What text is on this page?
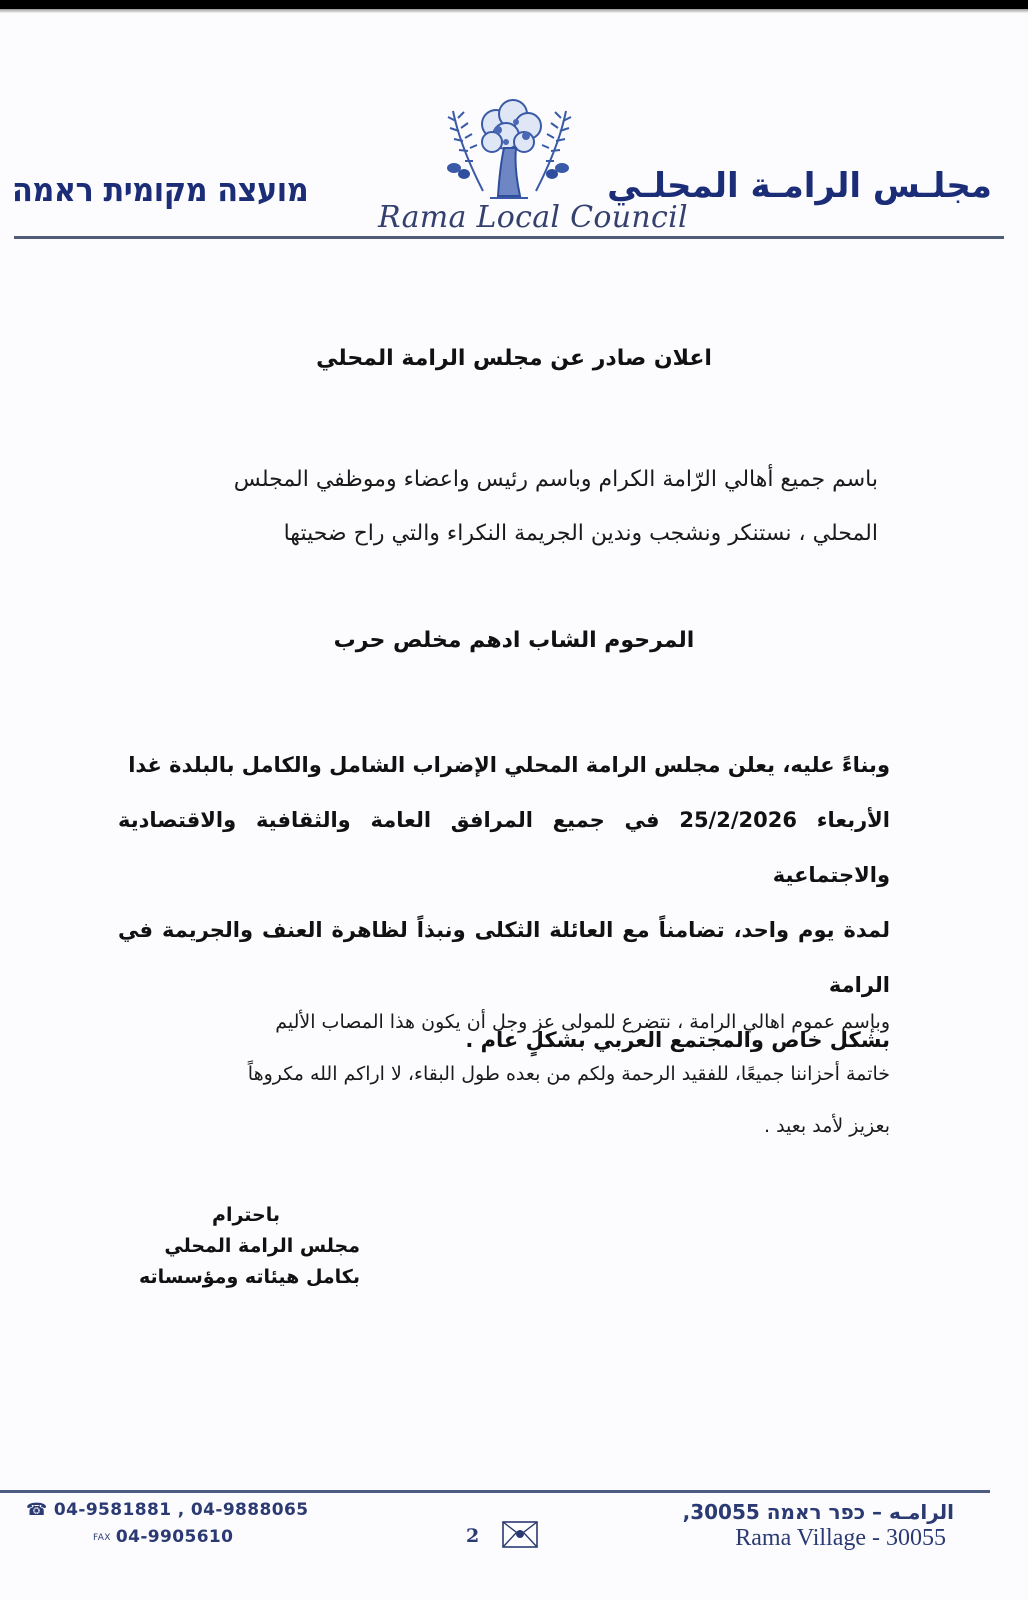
מועצה מקומית ראמה
Rama Local Council
مجلـس الرامـة المحلـي
اعلان صادر عن مجلس الرامة المحلي
باسم جميع أهالي الرّامة الكرام وباسم رئيس واعضاء وموظفي المجلس
المحلي ، نستنكر ونشجب وندين الجريمة النكراء والتي راح ضحيتها
المرحوم الشاب ادهم مخلص حرب
وبناءً عليه، يعلن مجلس الرامة المحلي الإضراب الشامل والكامل بالبلدة غدا
الأربعاء 25/2/2026 في جميع المرافق العامة والثقافية والاقتصادية والاجتماعية
لمدة يوم واحد، تضامناً مع العائلة الثكلى ونبذاً لظاهرة العنف والجريمة في الرامة
بشكل خاص والمجتمع العربي بشكلٍ عام .
وبإسم عموم اهالي الرامة ، نتضرع للمولى عز وجل أن يكون هذا المصاب الأليم
خاتمة أحزاننا جميعًا، للفقيد الرحمة ولكم من بعده طول البقاء، لا اراكم الله مكروهاً
بعزيز لأمد بعيد .
باحترام
مجلس الرامة المحلي
بكامل هيئاته ومؤسساته
☎ 04-9581881 , 04-9888065
FAX 04-9905610	2
الرامـه – כפר ראמה 30055,
Rama Village - 30055
